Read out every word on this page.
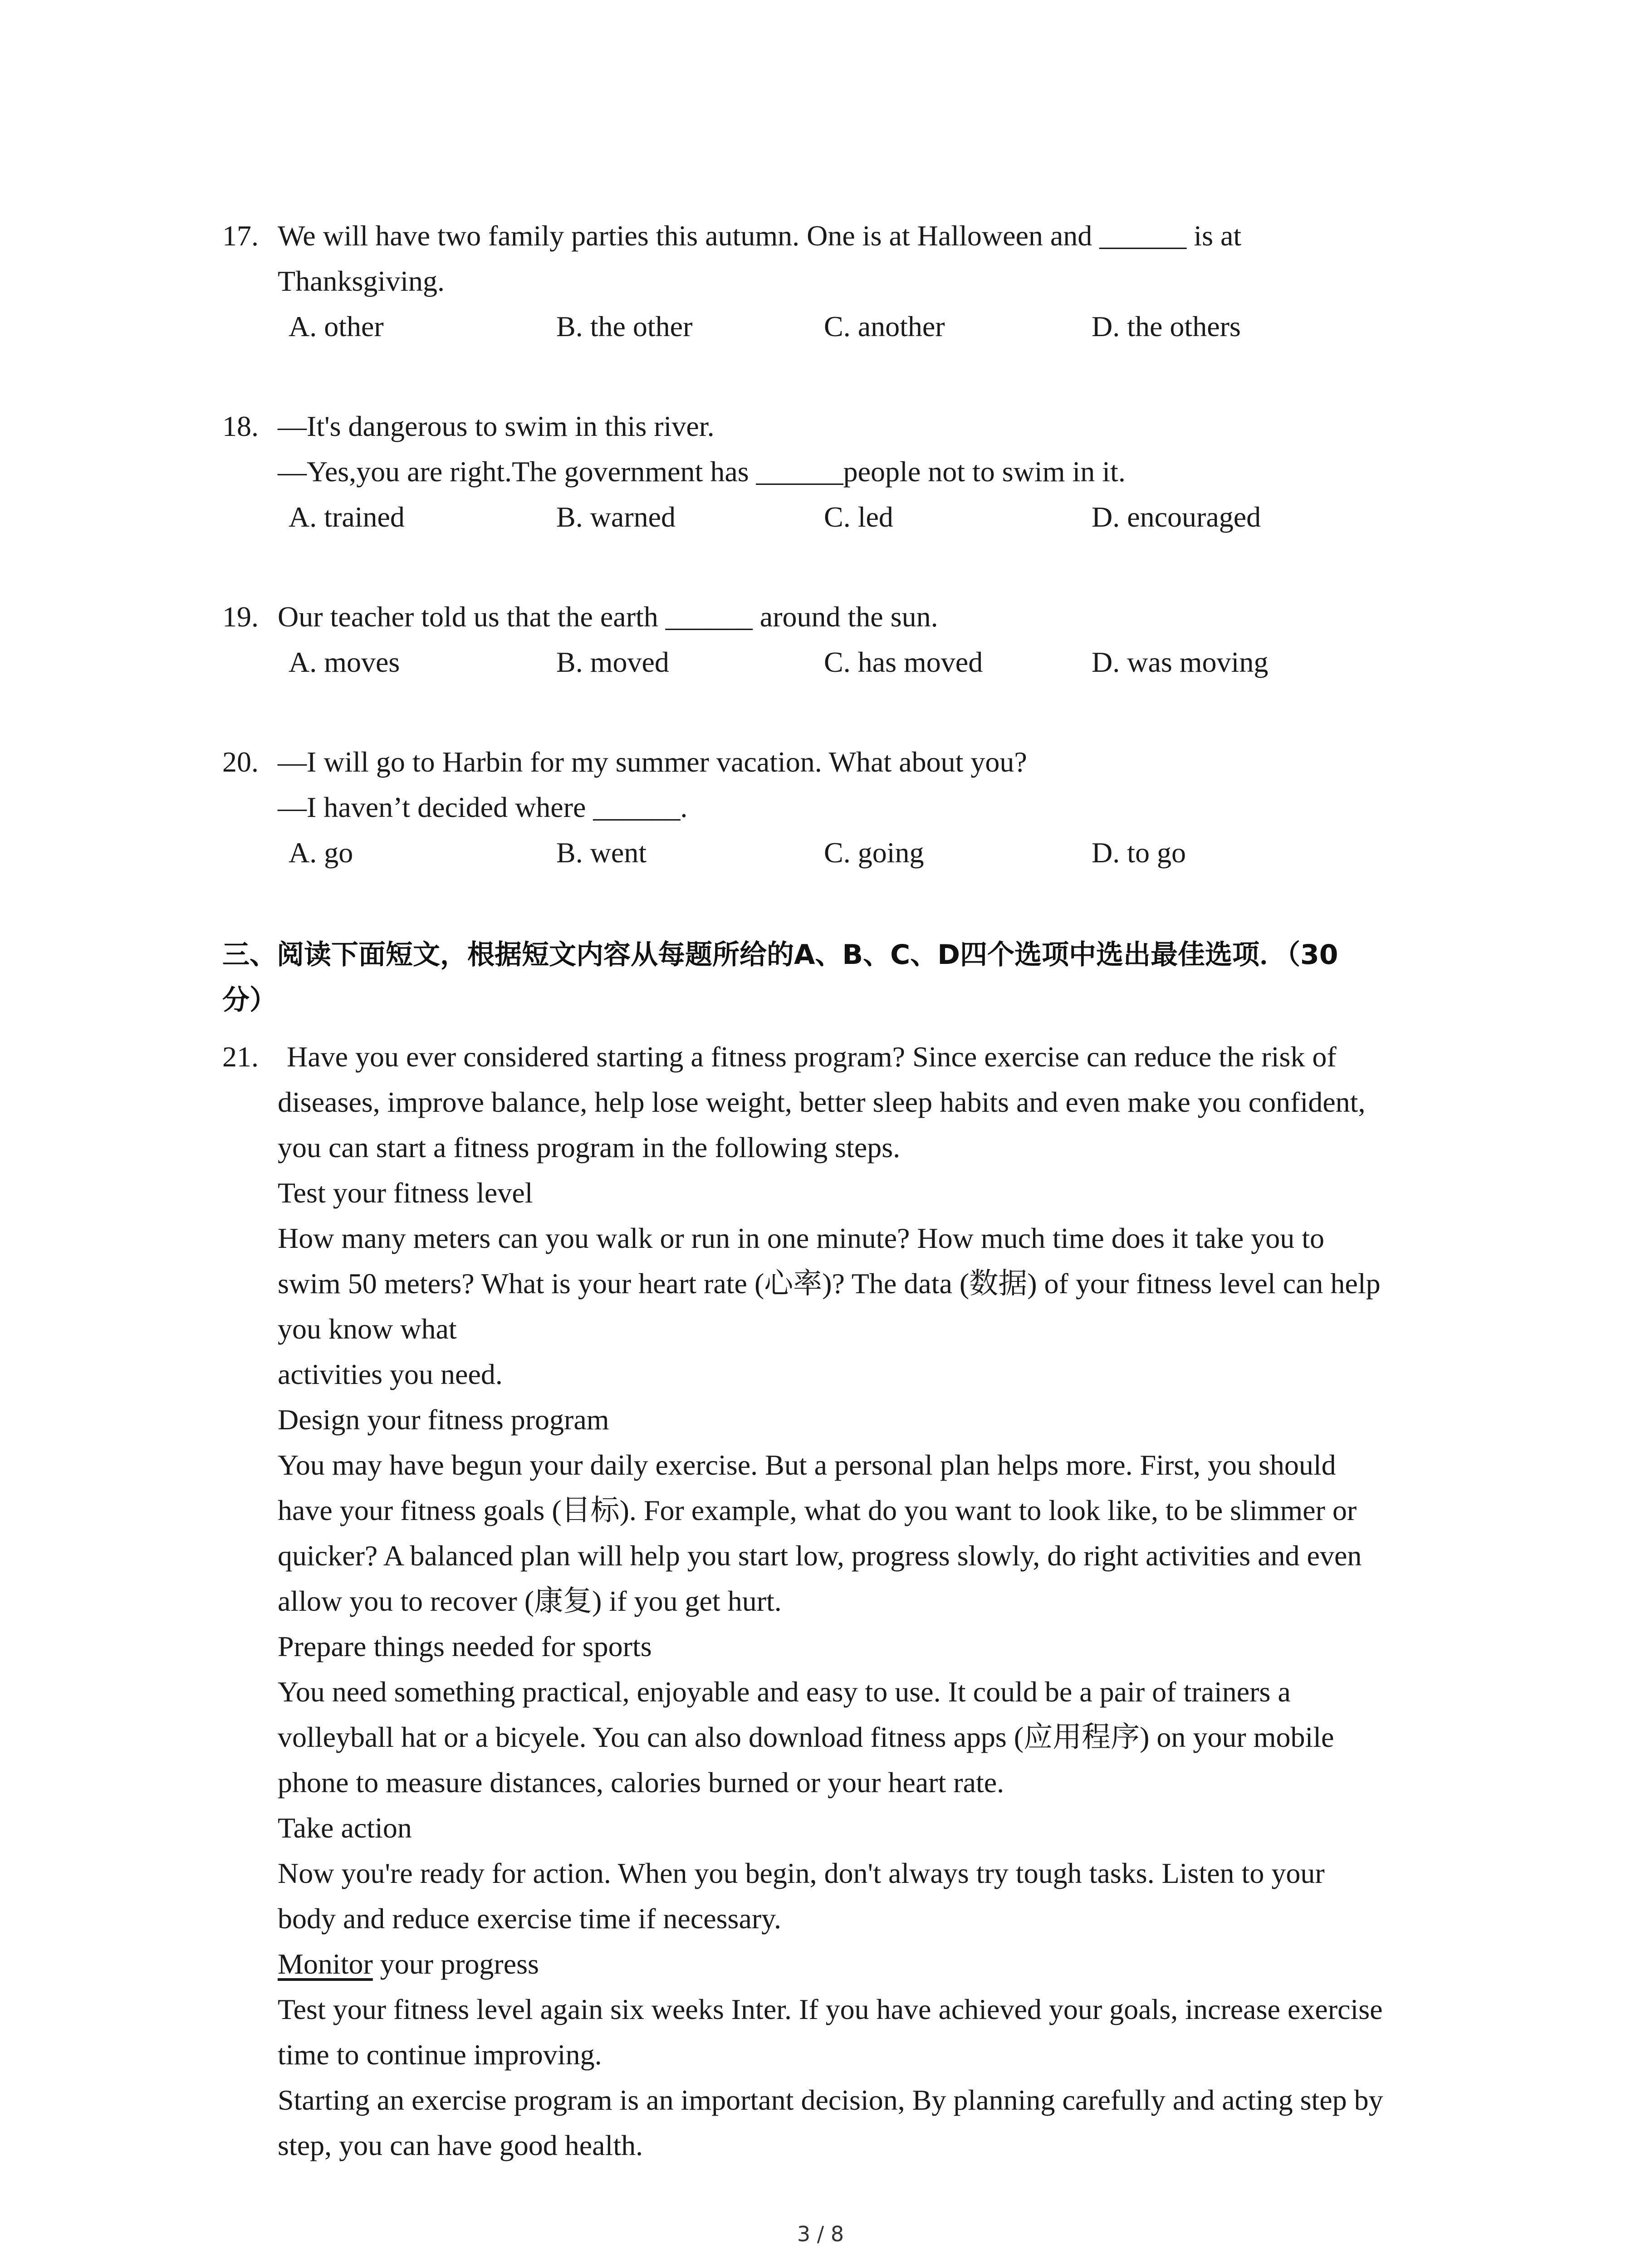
17. We will have two family parties this autumn. One is at Halloween and ______ is at
Thanksgiving.
A. other	B. the other	C. another	D. the others
18. —It's dangerous to swim in this river.
—Yes,you are right.The government has ______people not to swim in it.
A. trained	B. warned	C. led	D. encouraged
19. Our teacher told us that the earth ______ around the sun.
A. moves	B. moved	C. has moved	D. was moving
20. —I will go to Harbin for my summer vacation. What about you?
—I haven’t decided where ______.
A. go	B. went	C. going	D. to go
三、阅读下面短文，根据短文内容从每题所给的A、B、C、D四个选项中选出最佳选项．（30
分）
21. Have you ever considered starting a fitness program? Since exercise can reduce the risk of
diseases, improve balance, help lose weight, better sleep habits and even make you confident,
you can start a fitness program in the following steps.
Test your fitness level
How many meters can you walk or run in one minute? How much time does it take you to
swim 50 meters? What is your heart rate (心率)? The data (数据) of your fitness level can help
you know what
activities you need.
Design your fitness program
You may have begun your daily exercise. But a personal plan helps more. First, you should
have your fitness goals (目标). For example, what do you want to look like, to be slimmer or
quicker? A balanced plan will help you start low, progress slowly, do right activities and even
allow you to recover (康复) if you get hurt.
Prepare things needed for sports
You need something practical, enjoyable and easy to use. It could be a pair of trainers a
volleyball hat or a bicyele. You can also download fitness apps (应用程序) on your mobile
phone to measure distances, calories burned or your heart rate.
Take action
Now you're ready for action. When you begin, don't always try tough tasks. Listen to your
body and reduce exercise time if necessary.
Monitor your progress
Test your fitness level again six weeks Inter. If you have achieved your goals, increase exercise
time to continue improving.
Starting an exercise program is an important decision, By planning carefully and acting step by
step, you can have good health.
3 / 8
